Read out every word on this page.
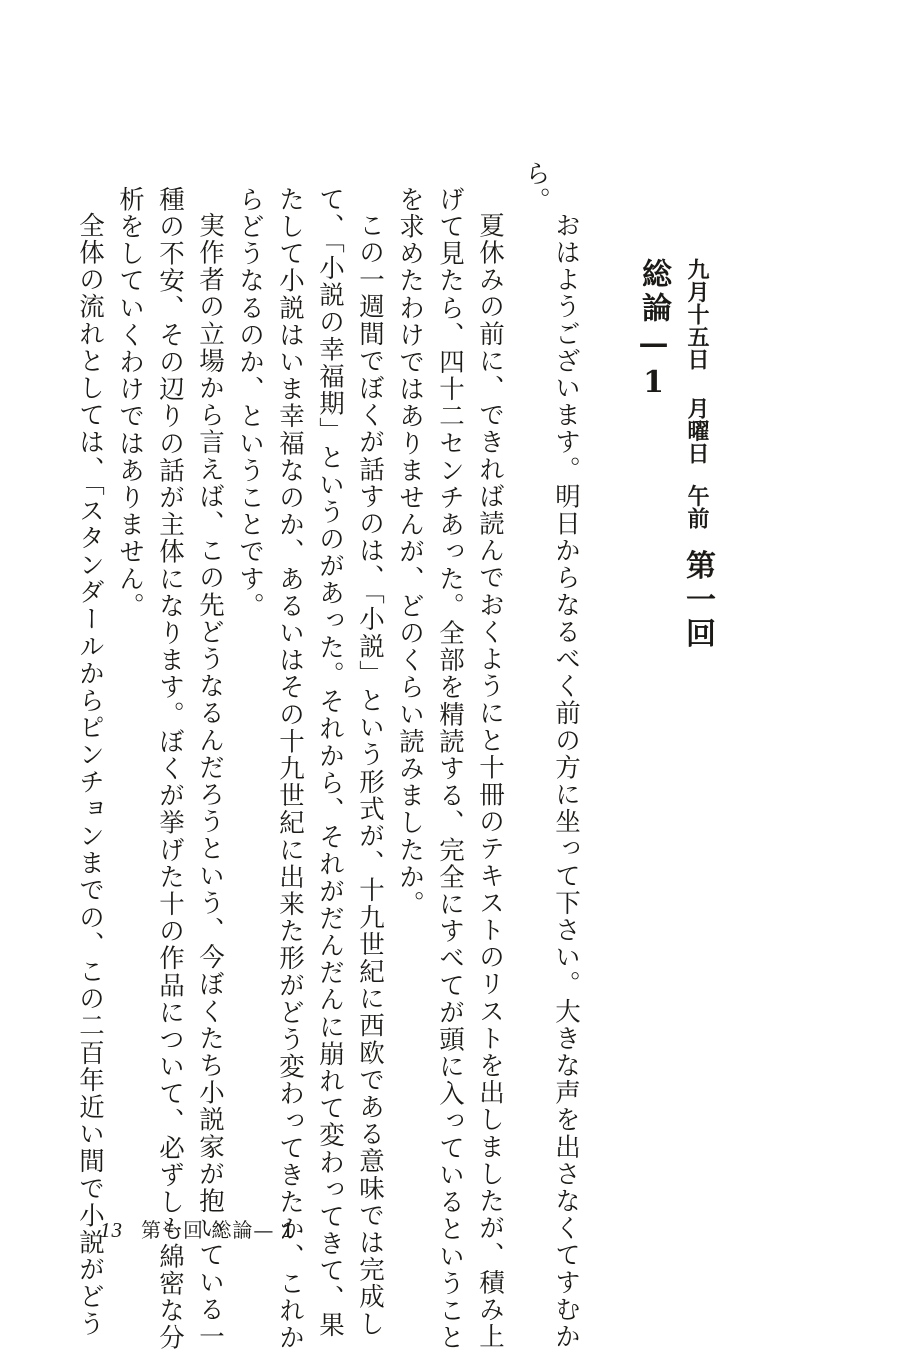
九月十五日 月曜日午前第一回

総論—1

おはようございます。明日からなるべく前の方に坐って下さい。大きな声を出さなくてすむか

ら。

夏休みの前に、できれば読んでおくようにと十冊のテキストのリストを出しましたが、積み上

げて見たら、四十二センチあった。全部を精読する、完全にすべてが頭に入っているということ

を求めたわけではありませんが、どのくらい読みましたか。

この一週間でぼくが話すのは、「小説」という形式が、十九世紀に西欧である意味では完成し

て、「小説の幸福期」というのがあった。それから、それがだんだんに崩れて変わってきて、果

たして小説はいま幸福なのか、あるいはその十九世紀に出来た形がどう変わってきたか、これか

らどうなるのか、ということです。

実作者の立場から言えば、この先どうなるんだろうという、今ぼくたち小説家が抱いている一

種の不安、その辺りの話が主体になります。ぼくが挙げた十の作品について、必ずしも綿密な分

析をしていくわけではありません。

全体の流れとしては、「スタンダールからピンチョンまでの、この二百年近い間で小説がどう

13 第一回 総論— 1
